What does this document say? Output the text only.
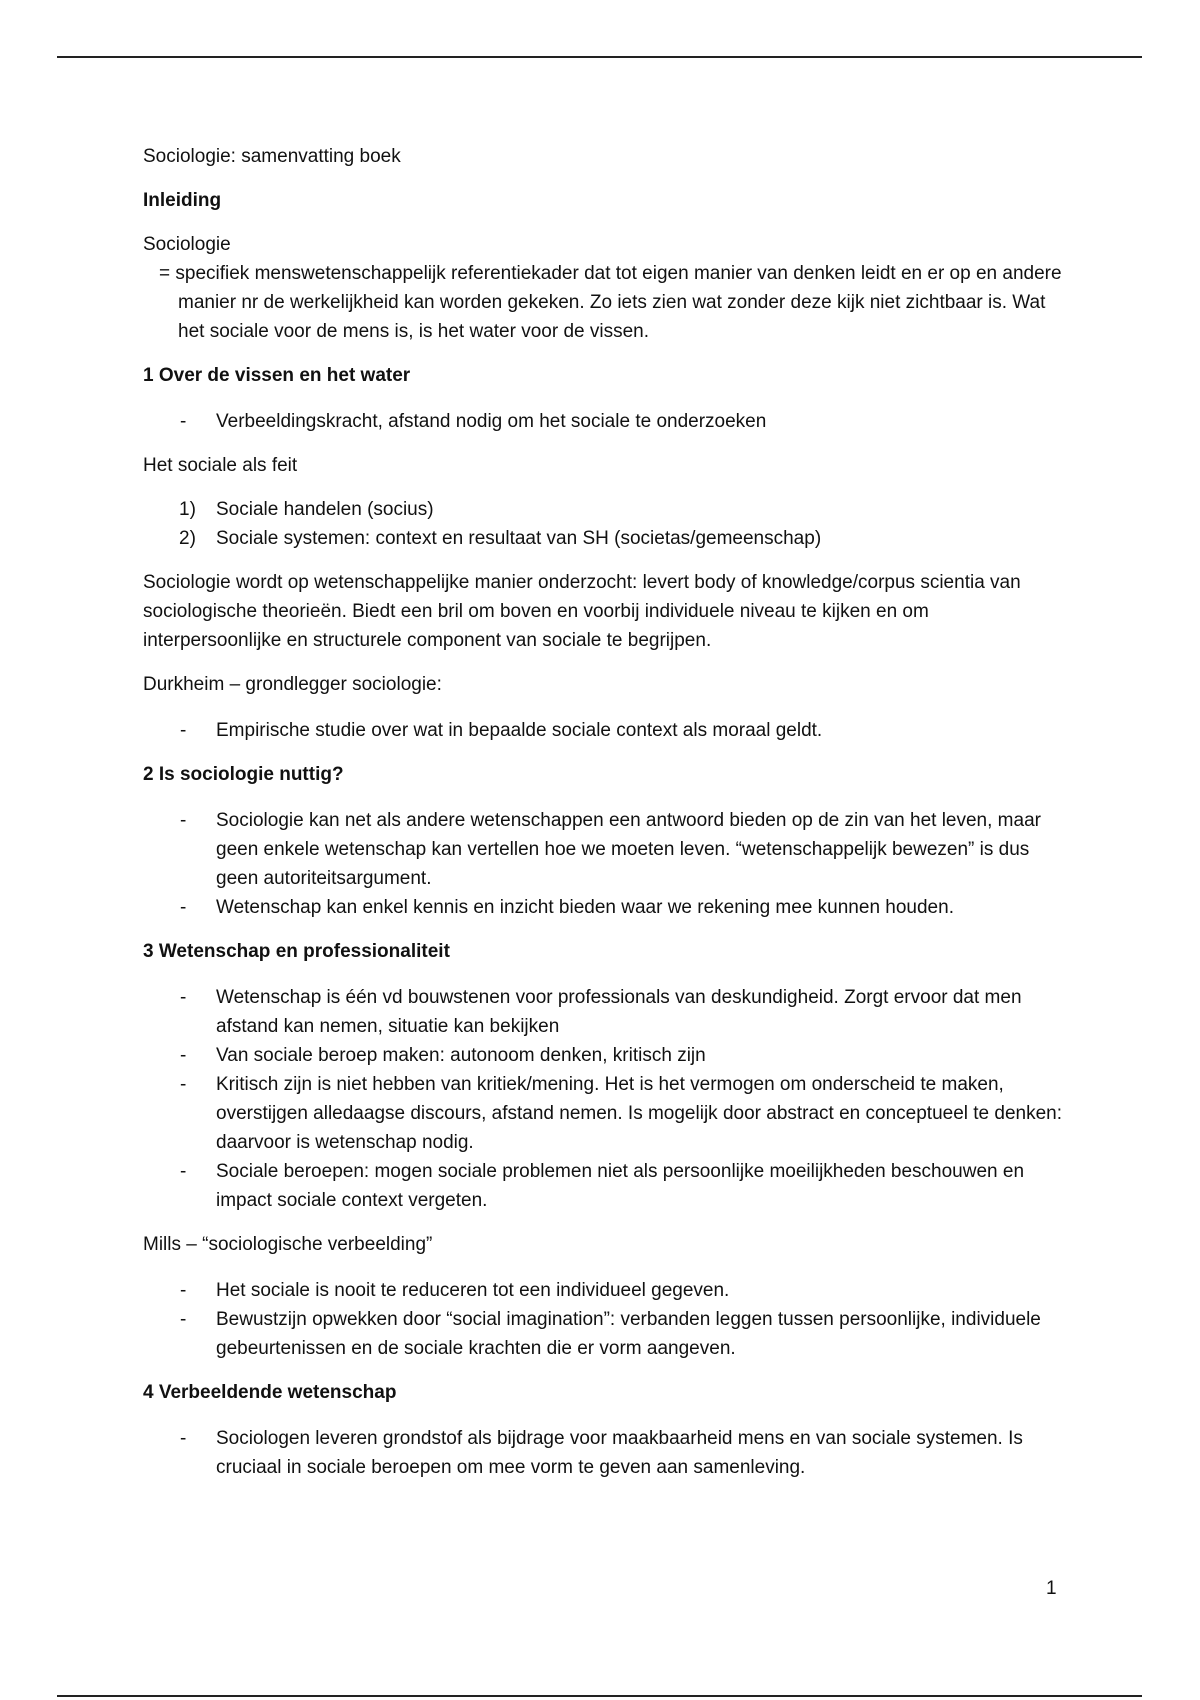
Sociologie: samenvatting boek

Inleiding

Sociologie

= specifiek menswetenschappelijk referentiekader dat tot eigen manier van denken leidt en er op en andere manier nr de werkelijkheid kan worden gekeken. Zo iets zien wat zonder deze kijk niet zichtbaar is. Wat het sociale voor de mens is, is het water voor de vissen.

1 Over de vissen en het water

- Verbeeldingskracht, afstand nodig om het sociale te onderzoeken

Het sociale als feit

1) Sociale handelen (socius)
2) Sociale systemen: context en resultaat van SH (societas/gemeenschap)

Sociologie wordt op wetenschappelijke manier onderzocht: levert body of knowledge/corpus scientia van sociologische theorieën. Biedt een bril om boven en voorbij individuele niveau te kijken en om interpersoonlijke en structurele component van sociale te begrijpen.

Durkheim – grondlegger sociologie:

- Empirische studie over wat in bepaalde sociale context als moraal geldt.

2 Is sociologie nuttig?

- Sociologie kan net als andere wetenschappen een antwoord bieden op de zin van het leven, maar geen enkele wetenschap kan vertellen hoe we moeten leven. “wetenschappelijk bewezen” is dus geen autoriteitsargument.
- Wetenschap kan enkel kennis en inzicht bieden waar we rekening mee kunnen houden.

3 Wetenschap en professionaliteit

- Wetenschap is één vd bouwstenen voor professionals van deskundigheid. Zorgt ervoor dat men afstand kan nemen, situatie kan bekijken
- Van sociale beroep maken: autonoom denken, kritisch zijn
- Kritisch zijn is niet hebben van kritiek/mening. Het is het vermogen om onderscheid te maken, overstijgen alledaagse discours, afstand nemen. Is mogelijk door abstract en conceptueel te denken: daarvoor is wetenschap nodig.
- Sociale beroepen: mogen sociale problemen niet als persoonlijke moeilijkheden beschouwen en impact sociale context vergeten.

Mills – “sociologische verbeelding”

- Het sociale is nooit te reduceren tot een individueel gegeven.
- Bewustzijn opwekken door “social imagination”: verbanden leggen tussen persoonlijke, individuele gebeurtenissen en de sociale krachten die er vorm aangeven.

4 Verbeeldende wetenschap

- Sociologen leveren grondstof als bijdrage voor maakbaarheid mens en van sociale systemen. Is cruciaal in sociale beroepen om mee vorm te geven aan samenleving.
1
